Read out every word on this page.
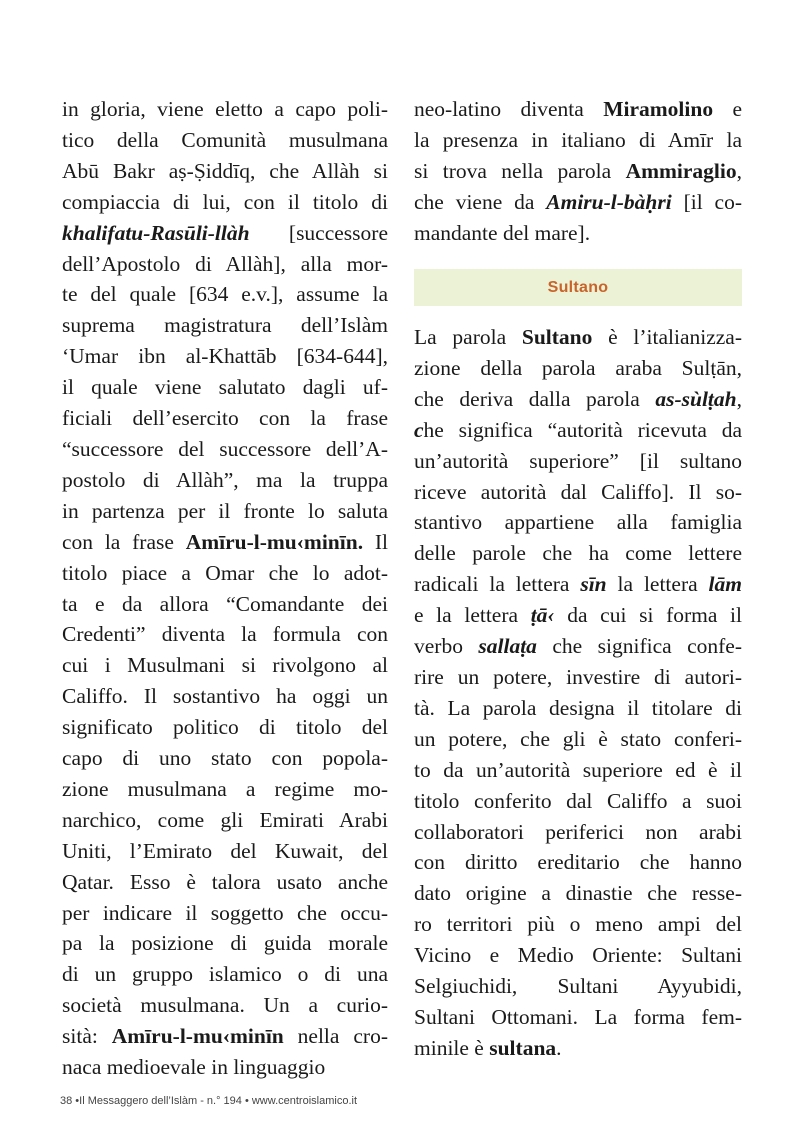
in gloria, viene eletto a capo poli-
tico della Comunità musulmana
Abū Bakr aṣ-Ṣiddīq, che Allàh si
compiaccia di lui, con il titolo di
khalifatu-Rasūli-llàh [successore
dell’Apostolo di Allàh], alla mor-
te del quale [634 e.v.], assume la
suprema magistratura dell’Islàm
‘Umar ibn al-Khattāb [634-644],
il quale viene salutato dagli uf-
ficiali dell’esercito con la frase
“successore del successore dell’A-
postolo di Allàh”, ma la truppa
in partenza per il fronte lo saluta
con la frase Amīru-l-mu‹minīn. Il
titolo piace a Omar che lo adot-
ta e da allora “Comandante dei
Credenti” diventa la formula con
cui i Musulmani si rivolgono al
Califfo. Il sostantivo ha oggi un
significato politico di titolo del
capo di uno stato con popola-
zione musulmana a regime mo-
narchico, come gli Emirati Arabi
Uniti, l’Emirato del Kuwait, del
Qatar. Esso è talora usato anche
per indicare il soggetto che occu-
pa la posizione di guida morale
di un gruppo islamico o di una
società musulmana. Un a curio-
sità: Amīru-l-mu‹minīn nella cro-
naca medioevale in linguaggio
neo-latino diventa Miramolino e
la presenza in italiano di Amīr la
si trova nella parola Ammiraglio,
che viene da Amiru-l-bàḥri [il co-
mandante del mare].
Sultano
La parola Sultano è l’italianizza-
zione della parola araba Sulṭān,
che deriva dalla parola as-sùlṭah,
che significa “autorità ricevuta da
un’autorità superiore” [il sultano
riceve autorità dal Califfo]. Il so-
stantivo appartiene alla famiglia
delle parole che ha come lettere
radicali la lettera sīn la lettera lām
e la lettera ṭā‹ da cui si forma il
verbo sallaṭa che significa confe-
rire un potere, investire di autori-
tà. La parola designa il titolare di
un potere, che gli è stato conferi-
to da un’autorità superiore ed è il
titolo conferito dal Califfo a suoi
collaboratori periferici non arabi
con diritto ereditario che hanno
dato origine a dinastie che resse-
ro territori più o meno ampi del
Vicino e Medio Oriente: Sultani
Selgiuchidi, Sultani Ayyubidi,
Sultani Ottomani. La forma fem-
minile è sultana.
38 •Il Messaggero dell’Islàm - n.° 194 • www.centroislamico.it
